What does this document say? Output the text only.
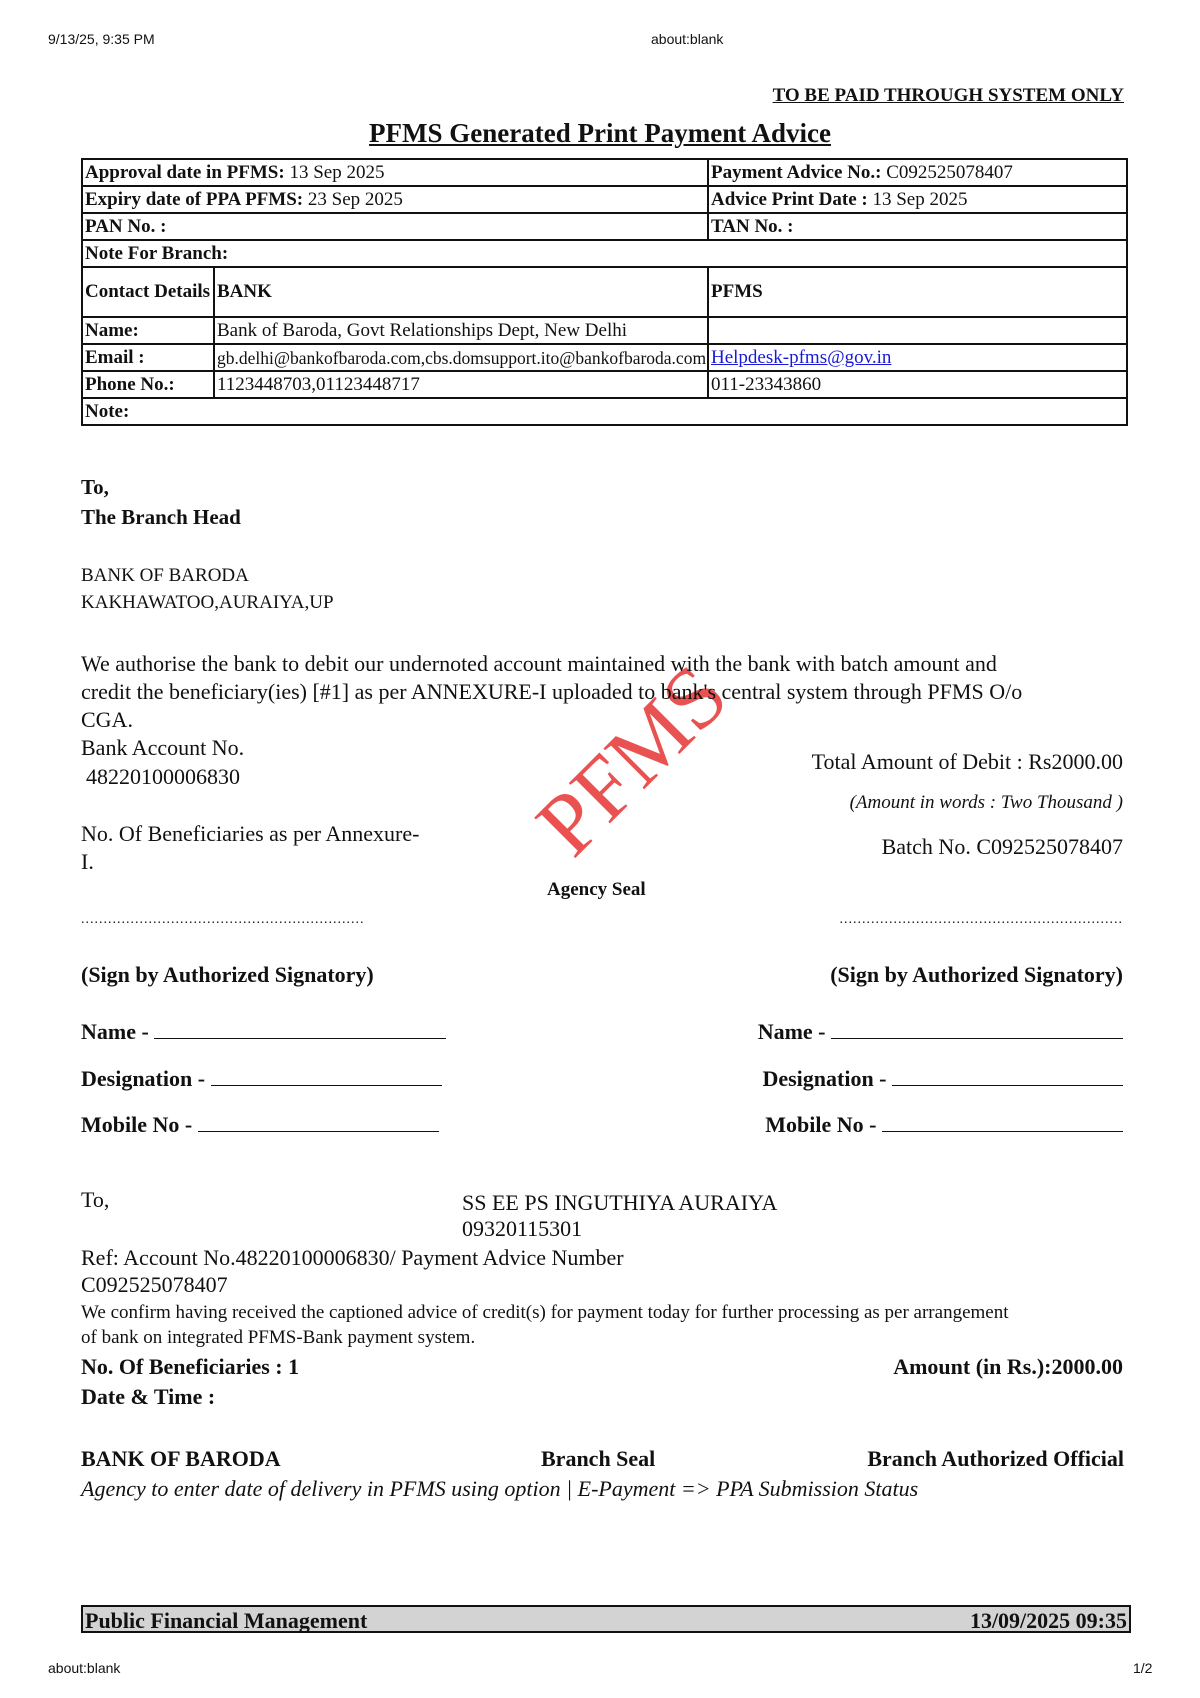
9/13/25, 9:35 PM	about:blank
about:blank	1/2
TO BE PAID THROUGH SYSTEM ONLY
PFMS Generated Print Payment Advice
Approval date in PFMS: 13 Sep 2025		Payment Advice No.: C092525078407
Expiry date of PPA PFMS: 23 Sep 2025		Advice Print Date : 13 Sep 2025
PAN No. :		TAN No. :
Note For Branch:		
Contact Details	BANK	PFMS
Name:	Bank of Baroda, Govt Relationships Dept, New Delhi	
Email :	gb.delhi@bankofbaroda.com,cbs.domsupport.ito@bankofbaroda.com	Helpdesk-pfms@gov.in
Phone No.:	1123448703,01123448717	011-23343860
Note:		
PFMS
To,
The Branch Head
BANK OF BARODA
KAKHAWATOO,AURAIYA,UP
We authorise the bank to debit our undernoted account maintained with the bank with batch amount and
credit the beneficiary(ies) [#1] as per ANNEXURE-I uploaded to bank's central system through PFMS O/o
CGA.
Bank Account No.
48220100006830
Total Amount of Debit : Rs2000.00
(Amount in words : Two Thousand )
No. Of Beneficiaries as per Annexure-
I.
Batch No. C092525078407
Agency Seal
...............................................................	...............................................................
(Sign by Authorized Signatory)	(Sign by Authorized Signatory)
Name -
Designation -
Mobile No -
Name -
Designation -
Mobile No -
To,	SS EE PS INGUTHIYA AURAIYA
09320115301
Ref: Account No.48220100006830/ Payment Advice Number
C092525078407
We confirm having received the captioned advice of credit(s) for payment today for further processing as per arrangement
of bank on integrated PFMS-Bank payment system.
No. Of Beneficiaries : 1	Amount (in Rs.):2000.00
Date & Time :
BANK OF BARODA	Branch Seal	Branch Authorized Official
Agency to enter date of delivery in PFMS using option | E-Payment => PPA Submission Status
Public Financial Management	13/09/2025 09:35
